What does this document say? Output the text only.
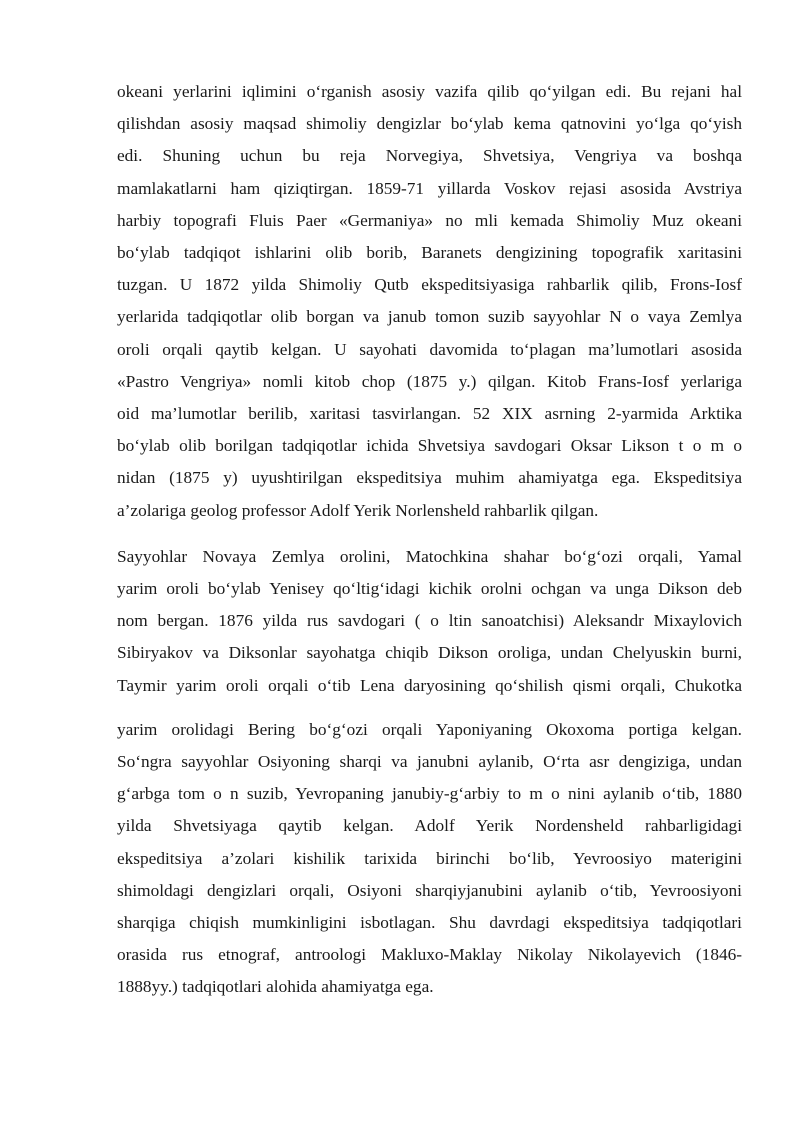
okeani yerlarini iqlimini o‘rganish asosiy vazifa qilib qo‘yilgan edi. Bu rejani hal
qilishdan asosiy maqsad shimoliy dengizlar bo‘ylab kema qatnovini yo‘lga qo‘yish
edi. Shuning uchun bu reja Norvegiya, Shvetsiya, Vengriya va boshqa
mamlakatlarni ham qiziqtirgan. 1859-71 yillarda Voskov rejasi asosida Avstriya
harbiy topografi Fluis Paer «Germaniya» no mli kemada Shimoliy Muz okeani
bo‘ylab tadqiqot ishlarini olib borib, Baranets dengizining topografik xaritasini
tuzgan. U 1872 yilda Shimoliy Qutb ekspeditsiyasiga rahbarlik qilib, Frons-Iosf
yerlarida tadqiqotlar olib borgan va janub tomon suzib sayyohlar N o vaya Zemlya
oroli orqali qaytib kelgan. U sayohati davomida to‘plagan ma’lumotlari asosida
«Pastro Vengriya» nomli kitob chop (1875 y.) qilgan. Kitob Frans-Iosf yerlariga
oid ma’lumotlar berilib, xaritasi tasvirlangan. 52 XIX asrning 2-yarmida Arktika
bo‘ylab olib borilgan tadqiqotlar ichida Shvetsiya savdogari Oksar Likson t o m o
nidan (1875 y) uyushtirilgan ekspeditsiya muhim ahamiyatga ega. Ekspeditsiya
a’zolariga geolog professor Adolf Yerik Norlensheld rahbarlik qilgan.

Sayyohlar Novaya Zemlya orolini, Matochkina shahar bo‘g‘ozi orqali, Yamal
yarim oroli bo‘ylab Yenisey qo‘ltig‘idagi kichik orolni ochgan va unga Dikson deb
nom bergan. 1876 yilda rus savdogari ( o ltin sanoatchisi) Aleksandr Mixaylovich
Sibiryakov va Diksonlar sayohatga chiqib Dikson oroliga, undan Chelyuskin burni,
Taymir yarim oroli orqali o‘tib Lena daryosining qo‘shilish qismi orqali, Chukotka

yarim orolidagi Bering bo‘g‘ozi orqali Yaponiyaning Okoxoma portiga kelgan.
So‘ngra sayyohlar Osiyoning sharqi va janubni aylanib, O‘rta asr dengiziga, undan
g‘arbga tom o n suzib, Yevropaning janubiy-g‘arbiy to m o nini aylanib o‘tib, 1880
yilda Shvetsiyaga qaytib kelgan. Adolf Yerik Nordensheld rahbarligidagi
ekspeditsiya a’zolari kishilik tarixida birinchi bo‘lib, Yevroosiyo materigini
shimoldagi dengizlari orqali, Osiyoni sharqiyjanubini aylanib o‘tib, Yevroosiyoni
sharqiga chiqish mumkinligini isbotlagan. Shu davrdagi ekspeditsiya tadqiqotlari
orasida rus etnograf, antroologi Makluxo-Maklay Nikolay Nikolayevich (1846-
1888yy.) tadqiqotlari alohida ahamiyatga ega.
